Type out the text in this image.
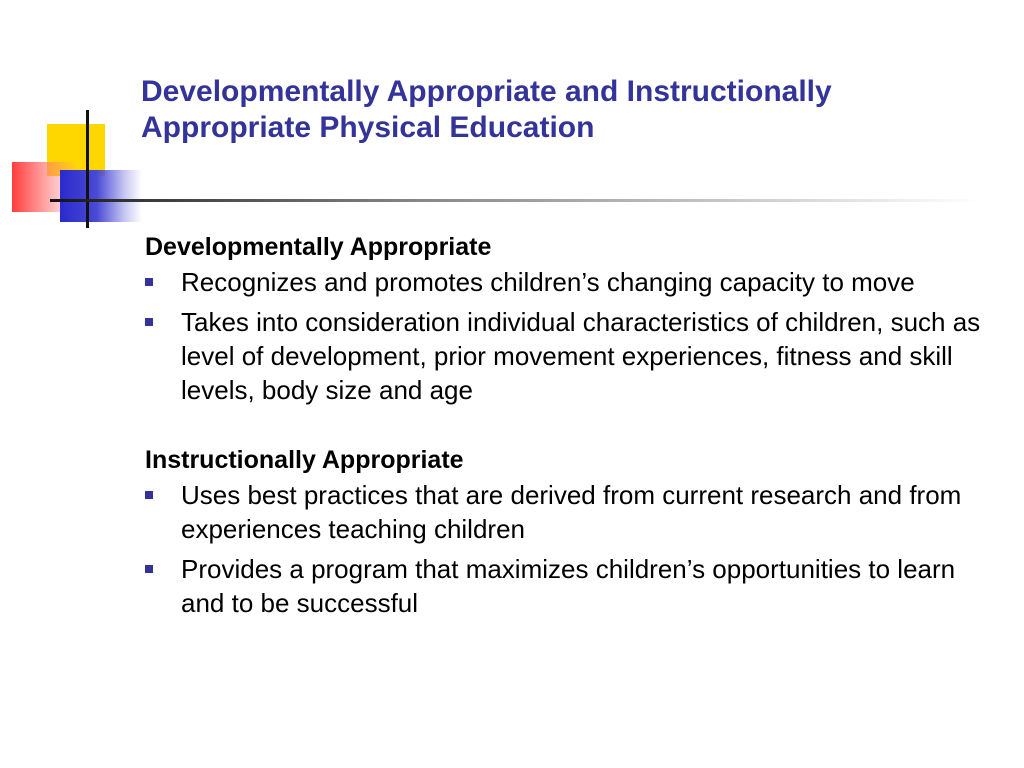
Developmentally Appropriate and Instructionally
Appropriate Physical Education

Developmentally Appropriate

Recognizes and promotes children’s changing capacity to move
Takes into consideration individual characteristics of children, such as level of development, prior movement experiences, fitness and skill levels, body size and age

Instructionally Appropriate

Uses best practices that are derived from current research and from experiences teaching children
Provides a program that maximizes children’s opportunities to learn and to be successful
